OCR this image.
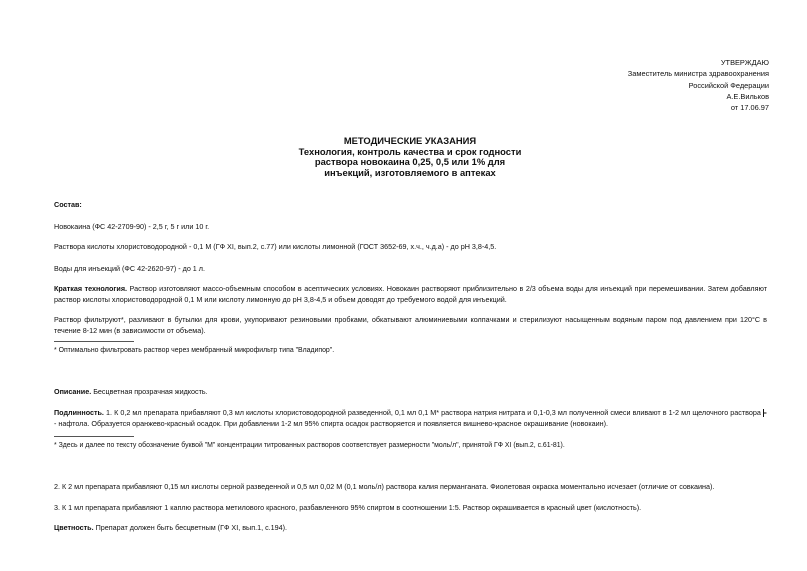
УТВЕРЖДАЮ
Заместитель министра здравоохранения
Российской Федерации
А.Е.Вильков
от 17.06.97
МЕТОДИЧЕСКИЕ УКАЗАНИЯ
Технология, контроль качества и срок годности
раствора новокаина 0,25, 0,5 или 1% для
инъекций, изготовляемого в аптеках
Состав:
Новокаина (ФС 42-2709-90) - 2,5 г, 5 г или 10 г.
Раствора кислоты хлористоводородной - 0,1 М (ГФ XI, вып.2, с.77) или кислоты лимонной (ГОСТ 3652-69, х.ч., ч.д.а) - до рН 3,8-4,5.
Воды для инъекций (ФС 42-2620-97) - до 1 л.
Краткая технология. Раствор изготовляют массо-объемным способом в асептических условиях. Новокаин растворяют приблизительно в 2/3 объема воды для инъекций при перемешивании. Затем добавляют раствор кислоты хлористоводородной 0,1 М или кислоту лимонную до рН 3,8-4,5 и объем доводят до требуемого водой для инъекций.
Раствор фильтруют*, разливают в бутылки для крови, укупоривают резиновыми пробками, обкатывают алюминиевыми колпачками и стерилизуют насыщенным водяным паром под давлением при 120°С в течение 8-12 мин (в зависимости от объема).
* Оптимально фильтровать раствор через мембранный микрофильтр типа "Владипор".
Описание. Бесцветная прозрачная жидкость.
Подлинность. 1. К 0,2 мл препарата прибавляют 0,3 мл кислоты хлористоводородной разведенной, 0,1 мл 0,1 М* раствора натрия нитрата и 0,1-0,3 мл полученной смеси вливают в 1-2 мл щелочного раствора  - нафтола. Образуется оранжево-красный осадок. При добавлении 1-2 мл 95% спирта осадок растворяется и появляется вишнево-красное окрашивание (новокаин).
* Здесь и далее по тексту обозначение буквой "М" концентрации титрованных растворов соответствует размерности "моль/л", принятой ГФ XI (вып.2, с.61-81).
2. К 2 мл препарата прибавляют 0,15 мл кислоты серной разведенной и 0,5 мл 0,02 М (0,1 моль/л) раствора калия перманганата. Фиолетовая окраска моментально исчезает (отличие от совкаина).
3. К 1 мл препарата прибавляют 1 каплю раствора метилового красного, разбавленного 95% спиртом в соотношении 1:5. Раствор окрашивается в красный цвет (кислотность).
Цветность. Препарат должен быть бесцветным (ГФ XI, вып.1, с.194).
